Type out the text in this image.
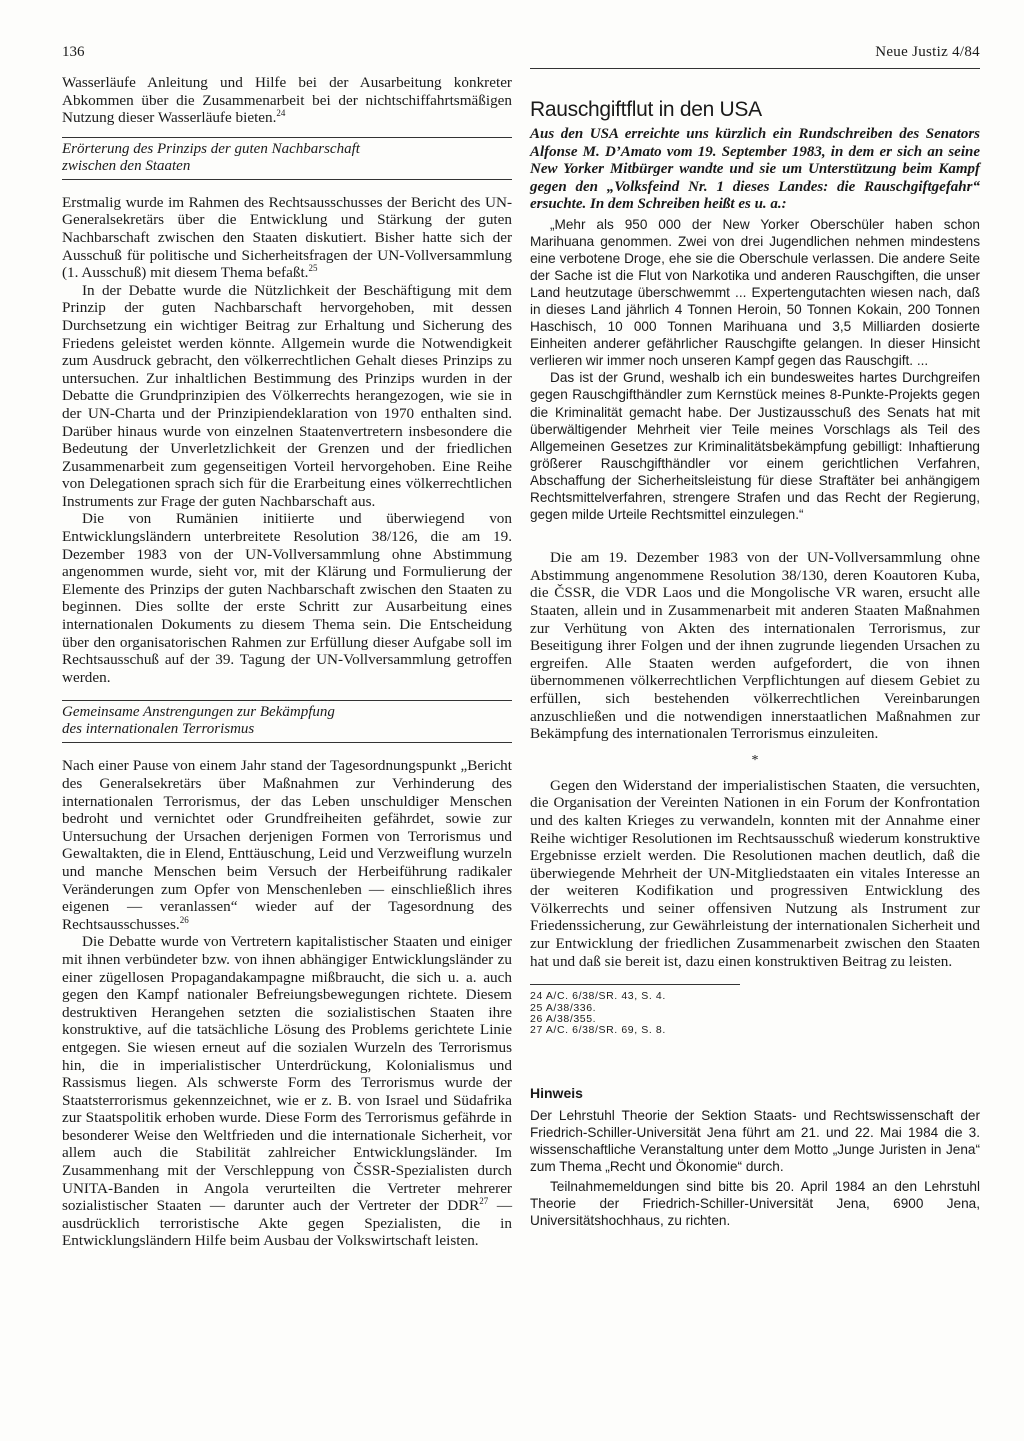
136	Neue Justiz 4/84

Wasserläufe Anleitung und Hilfe bei der Ausarbeitung konkreter Abkommen über die Zusammenarbeit bei der nichtschiffahrtsmäßigen Nutzung dieser Wasserläufe bieten.$^{24}$

Erörterung des Prinzips der guten Nachbarschaft
zwischen den Staaten

Erstmalig wurde im Rahmen des Rechtsausschusses der Bericht des UN-Generalsekretärs über die Entwicklung und Stärkung der guten Nachbarschaft zwischen den Staaten diskutiert. Bisher hatte sich der Ausschuß für politische und Sicherheitsfragen der UN-Vollversammlung (1. Ausschuß) mit diesem Thema befaßt.$^{25}$

In der Debatte wurde die Nützlichkeit der Beschäftigung mit dem Prinzip der guten Nachbarschaft hervorgehoben, mit dessen Durchsetzung ein wichtiger Beitrag zur Erhaltung und Sicherung des Friedens geleistet werden könnte. Allgemein wurde die Notwendigkeit zum Ausdruck gebracht, den völkerrechtlichen Gehalt dieses Prinzips zu untersuchen. Zur inhaltlichen Bestimmung des Prinzips wurden in der Debatte die Grundprinzipien des Völkerrechts herangezogen, wie sie in der UN-Charta und der Prinzipiendeklaration von 1970 enthalten sind. Darüber hinaus wurde von einzelnen Staatenvertretern insbesondere die Bedeutung der Unverletzlichkeit der Grenzen und der friedlichen Zusammenarbeit zum gegenseitigen Vorteil hervorgehoben. Eine Reihe von Delegationen sprach sich für die Erarbeitung eines völkerrechtlichen Instruments zur Frage der guten Nachbarschaft aus.

Die von Rumänien initiierte und überwiegend von Entwicklungsländern unterbreitete Resolution 38/126, die am 19. Dezember 1983 von der UN-Vollversammlung ohne Abstimmung angenommen wurde, sieht vor, mit der Klärung und Formulierung der Elemente des Prinzips der guten Nachbarschaft zwischen den Staaten zu beginnen. Dies sollte der erste Schritt zur Ausarbeitung eines internationalen Dokuments zu diesem Thema sein. Die Entscheidung über den organisatorischen Rahmen zur Erfüllung dieser Aufgabe soll im Rechtsausschuß auf der 39. Tagung der UN-Vollversammlung getroffen werden.

Gemeinsame Anstrengungen zur Bekämpfung
des internationalen Terrorismus

Nach einer Pause von einem Jahr stand der Tagesordnungspunkt „Bericht des Generalsekretärs über Maßnahmen zur Verhinderung des internationalen Terrorismus, der das Leben unschuldiger Menschen bedroht und vernichtet oder Grundfreiheiten gefährdet, sowie zur Untersuchung der Ursachen derjenigen Formen von Terrorismus und Gewaltakten, die in Elend, Enttäuschung, Leid und Verzweiflung wurzeln und manche Menschen beim Versuch der Herbeiführung radikaler Veränderungen zum Opfer von Menschenleben — einschließlich ihres eigenen — veranlassen“ wieder auf der Tagesordnung des Rechtsausschusses.$^{26}$

Die Debatte wurde von Vertretern kapitalistischer Staaten und einiger mit ihnen verbündeter bzw. von ihnen abhängiger Entwicklungsländer zu einer zügellosen Propagandakampagne mißbraucht, die sich u. a. auch gegen den Kampf nationaler Befreiungsbewegungen richtete. Diesem destruktiven Herangehen setzten die sozialistischen Staaten ihre konstruktive, auf die tatsächliche Lösung des Problems gerichtete Linie entgegen. Sie wiesen erneut auf die sozialen Wurzeln des Terrorismus hin, die in imperialistischer Unterdrückung, Kolonialismus und Rassismus liegen. Als schwerste Form des Terrorismus wurde der Staatsterrorismus gekennzeichnet, wie er z. B. von Israel und Südafrika zur Staatspolitik erhoben wurde. Diese Form des Terrorismus gefährde in besonderer Weise den Weltfrieden und die internationale Sicherheit, vor allem auch die Stabilität zahlreicher Entwicklungsländer. Im Zusammenhang mit der Verschleppung von ČSSR-Spezialisten durch UNITA-Banden in Angola verurteilten die Vertreter mehrerer sozialistischer Staaten — darunter auch der Vertreter der DDR$^{27}$ — ausdrücklich terroristische Akte gegen Spezialisten, die in Entwicklungsländern Hilfe beim Ausbau der Volkswirtschaft leisten.

Rauschgiftflut in den USA
Aus den USA erreichte uns kürzlich ein Rundschreiben des Senators Alfonse M. D’Amato vom 19. September 1983, in dem er sich an seine New Yorker Mitbürger wandte und sie um Unterstützung beim Kampf gegen den „Volksfeind Nr. 1 dieses Landes: die Rauschgiftgefahr“ ersuchte. In dem Schreiben heißt es u. a.:

„Mehr als 950 000 der New Yorker Oberschüler haben schon Marihuana genommen. Zwei von drei Jugendlichen nehmen mindestens eine verbotene Droge, ehe sie die Oberschule verlassen. Die andere Seite der Sache ist die Flut von Narkotika und anderen Rauschgiften, die unser Land heutzutage überschwemmt ... Expertengutachten wiesen nach, daß in dieses Land jährlich 4 Tonnen Heroin, 50 Tonnen Kokain, 200 Tonnen Haschisch, 10 000 Tonnen Marihuana und 3,5 Milliarden dosierte Einheiten anderer gefährlicher Rauschgifte gelangen. In dieser Hinsicht verlieren wir immer noch unseren Kampf gegen das Rauschgift. ...

Das ist der Grund, weshalb ich ein bundesweites hartes Durchgreifen gegen Rauschgifthändler zum Kernstück meines 8-Punkte-Projekts gegen die Kriminalität gemacht habe. Der Justizausschuß des Senats hat mit überwältigender Mehrheit vier Teile meines Vorschlags als Teil des Allgemeinen Gesetzes zur Kriminalitätsbekämpfung gebilligt: Inhaftierung größerer Rauschgifthändler vor einem gerichtlichen Verfahren, Abschaffung der Sicherheitsleistung für diese Straftäter bei anhängigem Rechtsmittelverfahren, strengere Strafen und das Recht der Regierung, gegen milde Urteile Rechtsmittel einzulegen.“

Die am 19. Dezember 1983 von der UN-Vollversammlung ohne Abstimmung angenommene Resolution 38/130, deren Koautoren Kuba, die ČSSR, die VDR Laos und die Mongolische VR waren, ersucht alle Staaten, allein und in Zusammenarbeit mit anderen Staaten Maßnahmen zur Verhütung von Akten des internationalen Terrorismus, zur Beseitigung ihrer Folgen und der ihnen zugrunde liegenden Ursachen zu ergreifen. Alle Staaten werden aufgefordert, die von ihnen übernommenen völkerrechtlichen Verpflichtungen auf diesem Gebiet zu erfüllen, sich bestehenden völkerrechtlichen Vereinbarungen anzuschließen und die notwendigen innerstaatlichen Maßnahmen zur Bekämpfung des internationalen Terrorismus einzuleiten.

*

Gegen den Widerstand der imperialistischen Staaten, die versuchten, die Organisation der Vereinten Nationen in ein Forum der Konfrontation und des kalten Krieges zu verwandeln, konnten mit der Annahme einer Reihe wichtiger Resolutionen im Rechtsausschuß wiederum konstruktive Ergebnisse erzielt werden. Die Resolutionen machen deutlich, daß die überwiegende Mehrheit der UN-Mitgliedstaaten ein vitales Interesse an der weiteren Kodifikation und progressiven Entwicklung des Völkerrechts und seiner offensiven Nutzung als Instrument zur Friedenssicherung, zur Gewährleistung der internationalen Sicherheit und zur Entwicklung der friedlichen Zusammenarbeit zwischen den Staaten hat und daß sie bereit ist, dazu einen konstruktiven Beitrag zu leisten.

24 A/C. 6/38/SR. 43, S. 4.
25 A/38/336.
26 A/38/355.
27 A/C. 6/38/SR. 69, S. 8.
Hinweis

Der Lehrstuhl Theorie der Sektion Staats- und Rechtswissenschaft der Friedrich-Schiller-Universität Jena führt am 21. und 22. Mai 1984 die 3. wissenschaftliche Veranstaltung unter dem Motto „Junge Juristen in Jena“ zum Thema „Recht und Ökonomie“ durch.

Teilnahmemeldungen sind bitte bis 20. April 1984 an den Lehrstuhl Theorie der Friedrich-Schiller-Universität Jena, 6900 Jena, Universitätshochhaus, zu richten.
